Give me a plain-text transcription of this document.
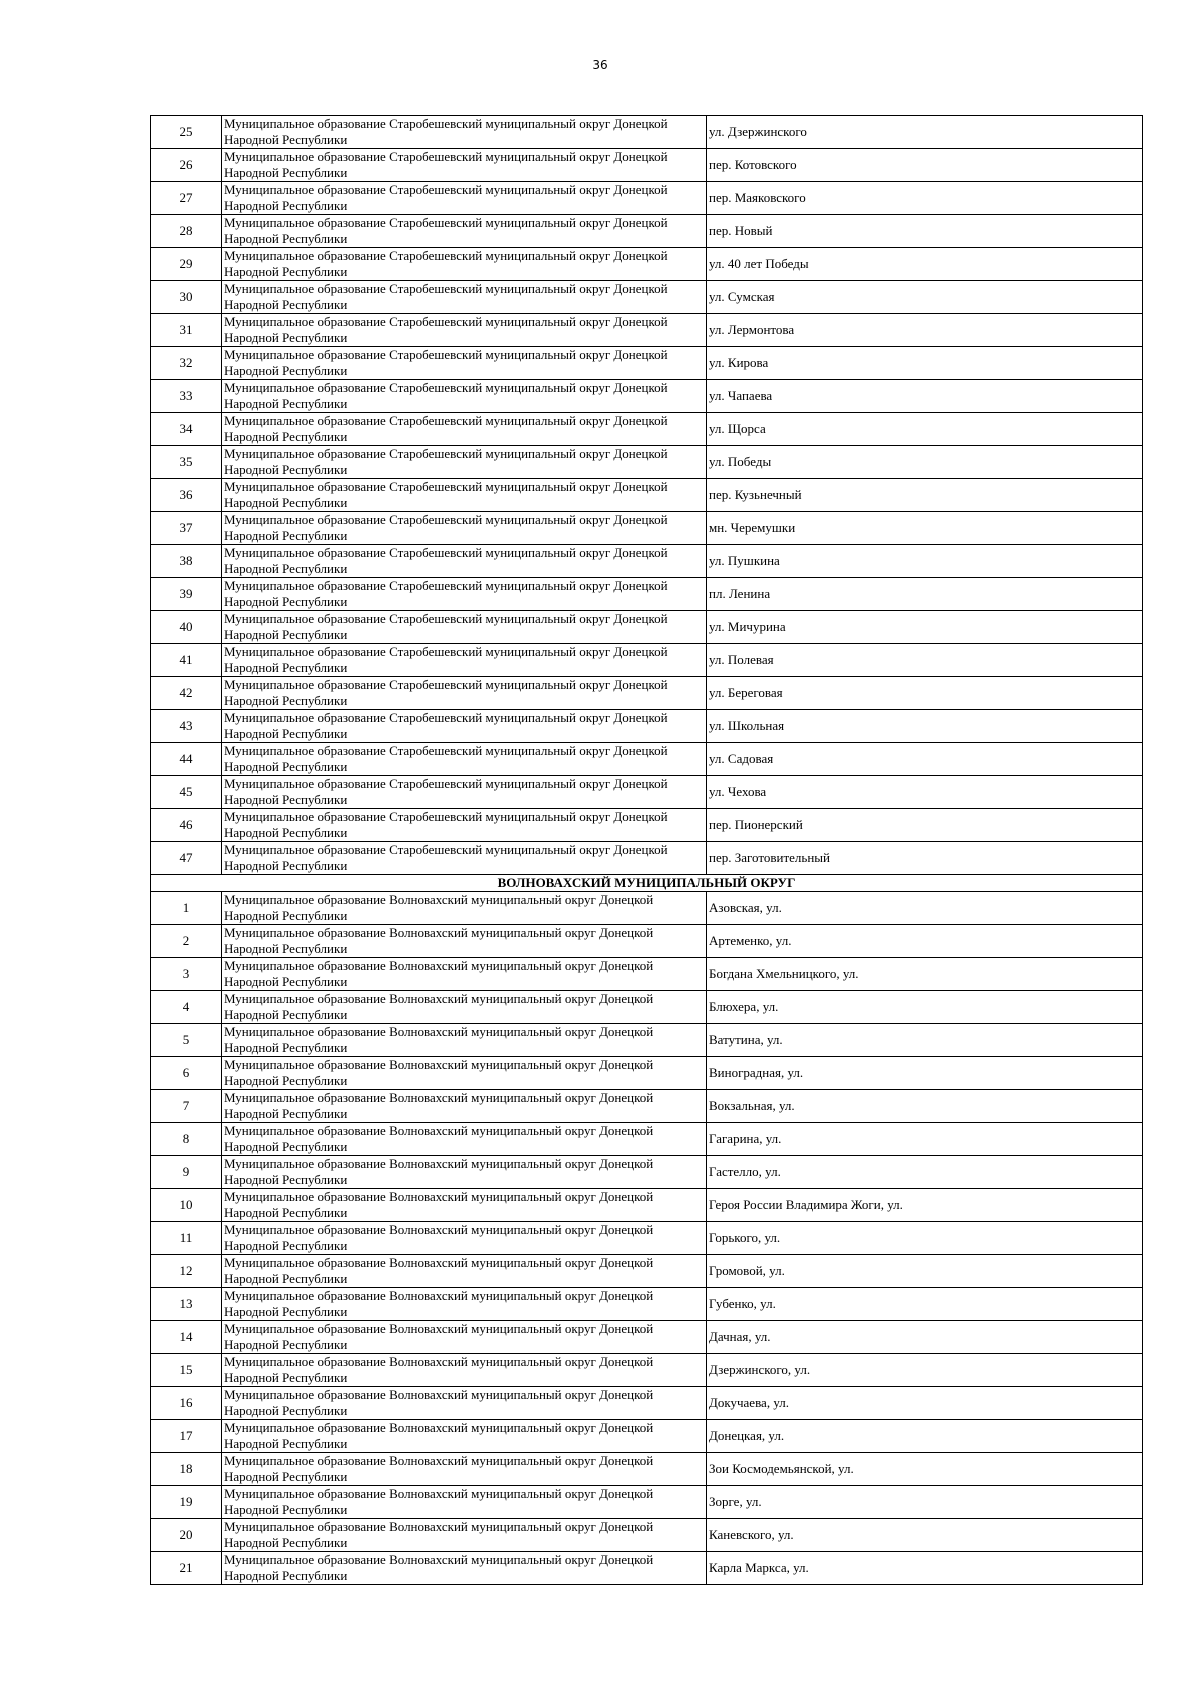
36
25	Муниципальное образование Старобешевский муниципальный округ Донецкой Народной Республики	ул. Дзержинского
26	Муниципальное образование Старобешевский муниципальный округ Донецкой Народной Республики	пер. Котовского
27	Муниципальное образование Старобешевский муниципальный округ Донецкой Народной Республики	пер. Маяковского
28	Муниципальное образование Старобешевский муниципальный округ Донецкой Народной Республики	пер. Новый
29	Муниципальное образование Старобешевский муниципальный округ Донецкой Народной Республики	ул. 40 лет Победы
30	Муниципальное образование Старобешевский муниципальный округ Донецкой Народной Республики	ул. Сумская
31	Муниципальное образование Старобешевский муниципальный округ Донецкой Народной Республики	ул. Лермонтова
32	Муниципальное образование Старобешевский муниципальный округ Донецкой Народной Республики	ул. Кирова
33	Муниципальное образование Старобешевский муниципальный округ Донецкой Народной Республики	ул. Чапаева
34	Муниципальное образование Старобешевский муниципальный округ Донецкой Народной Республики	ул. Щорса
35	Муниципальное образование Старобешевский муниципальный округ Донецкой Народной Республики	ул. Победы
36	Муниципальное образование Старобешевский муниципальный округ Донецкой Народной Республики	пер. Кузьнечный
37	Муниципальное образование Старобешевский муниципальный округ Донецкой Народной Республики	мн. Черемушки
38	Муниципальное образование Старобешевский муниципальный округ Донецкой Народной Республики	ул. Пушкина
39	Муниципальное образование Старобешевский муниципальный округ Донецкой Народной Республики	пл. Ленина
40	Муниципальное образование Старобешевский муниципальный округ Донецкой Народной Республики	ул. Мичурина
41	Муниципальное образование Старобешевский муниципальный округ Донецкой Народной Республики	ул. Полевая
42	Муниципальное образование Старобешевский муниципальный округ Донецкой Народной Республики	ул. Береговая
43	Муниципальное образование Старобешевский муниципальный округ Донецкой Народной Республики	ул. Школьная
44	Муниципальное образование Старобешевский муниципальный округ Донецкой Народной Республики	ул. Садовая
45	Муниципальное образование Старобешевский муниципальный округ Донецкой Народной Республики	ул. Чехова
46	Муниципальное образование Старобешевский муниципальный округ Донецкой Народной Республики	пер. Пионерский
47	Муниципальное образование Старобешевский муниципальный округ Донецкой Народной Республики	пер. Заготовительный
ВОЛНОВАХСКИЙ МУНИЦИПАЛЬНЫЙ ОКРУГ		
1	Муниципальное образование Волновахский муниципальный округ Донецкой Народной Республики	Азовская, ул.
2	Муниципальное образование Волновахский муниципальный округ Донецкой Народной Республики	Артеменко, ул.
3	Муниципальное образование Волновахский муниципальный округ Донецкой Народной Республики	Богдана Хмельницкого, ул.
4	Муниципальное образование Волновахский муниципальный округ Донецкой Народной Республики	Блюхера, ул.
5	Муниципальное образование Волновахский муниципальный округ Донецкой Народной Республики	Ватутина, ул.
6	Муниципальное образование Волновахский муниципальный округ Донецкой Народной Республики	Виноградная, ул.
7	Муниципальное образование Волновахский муниципальный округ Донецкой Народной Республики	Вокзальная, ул.
8	Муниципальное образование Волновахский муниципальный округ Донецкой Народной Республики	Гагарина, ул.
9	Муниципальное образование Волновахский муниципальный округ Донецкой Народной Республики	Гастелло, ул.
10	Муниципальное образование Волновахский муниципальный округ Донецкой Народной Республики	Героя России Владимира Жоги, ул.
11	Муниципальное образование Волновахский муниципальный округ Донецкой Народной Республики	Горького, ул.
12	Муниципальное образование Волновахский муниципальный округ Донецкой Народной Республики	Громовой, ул.
13	Муниципальное образование Волновахский муниципальный округ Донецкой Народной Республики	Губенко, ул.
14	Муниципальное образование Волновахский муниципальный округ Донецкой Народной Республики	Дачная, ул.
15	Муниципальное образование Волновахский муниципальный округ Донецкой Народной Республики	Дзержинского, ул.
16	Муниципальное образование Волновахский муниципальный округ Донецкой Народной Республики	Докучаева, ул.
17	Муниципальное образование Волновахский муниципальный округ Донецкой Народной Республики	Донецкая, ул.
18	Муниципальное образование Волновахский муниципальный округ Донецкой Народной Республики	Зои Космодемьянской, ул.
19	Муниципальное образование Волновахский муниципальный округ Донецкой Народной Республики	Зорге, ул.
20	Муниципальное образование Волновахский муниципальный округ Донецкой Народной Республики	Каневского, ул.
21	Муниципальное образование Волновахский муниципальный округ Донецкой Народной Республики	Карла Маркса, ул.
